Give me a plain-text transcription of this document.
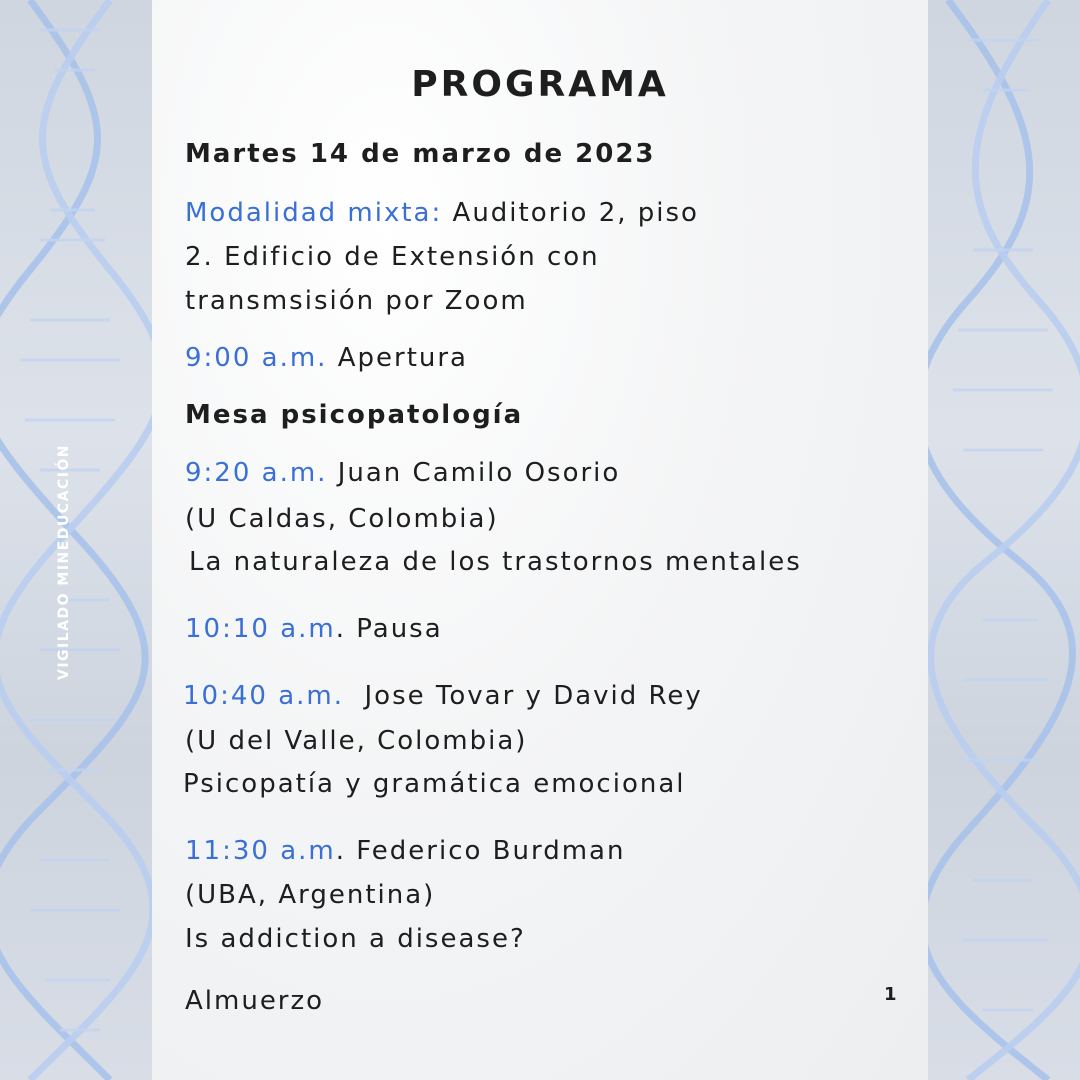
VIGILADO MINEDUCACIÓN
PROGRAMA

Martes 14 de marzo de 2023

Modalidad mixta: Auditorio 2, piso

2. Edificio de Extensión con

transmsisión por Zoom

9:00 a.m. Apertura

Mesa psicopatología

9:20 a.m. Juan Camilo Osorio

(U Caldas, Colombia)

La naturaleza de los trastornos mentales

10:10 a.m. Pausa

10:40 a.m.  Jose Tovar y David Rey

(U del Valle, Colombia)

Psicopatía y gramática emocional

11:30 a.m. Federico Burdman

(UBA, Argentina)

Is addiction a disease?

Almuerzo	1
